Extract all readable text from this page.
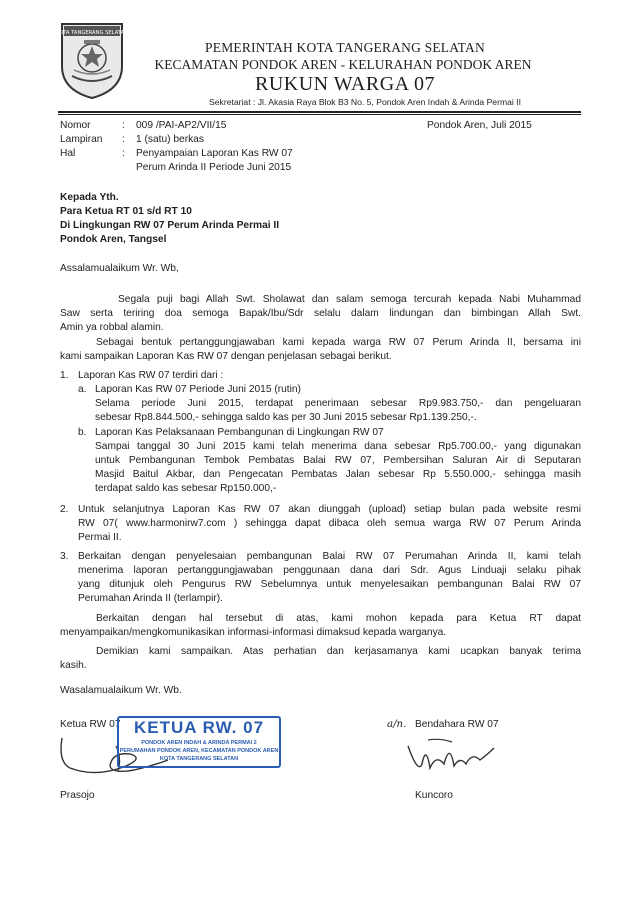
KOTA TANGERANG SELATAN
PEMERINTAH KOTA TANGERANG SELATAN
KECAMATAN PONDOK AREN - KELURAHAN PONDOK AREN
RUKUN WARGA 07
Sekretariat : Jl. Akasia Raya Blok B3 No. 5, Pondok Aren Indah & Arinda Permai II
Nomor	: 009 /PAI-AP2/VII/15	Pondok Aren, Juli 2015
Lampiran : 1 (satu) berkas
Hal	: Penyampaian Laporan Kas RW 07
Perum Arinda II Periode Juni 2015
Kepada Yth.
Para Ketua RT 01 s/d RT 10
Di Lingkungan RW 07 Perum Arinda Permai II
Pondok Aren, Tangsel
Assalamualaikum Wr. Wb,
Segala puji bagi Allah Swt. Sholawat dan salam semoga tercurah kepada Nabi Muhammad
Saw serta teriring doa semoga Bapak/Ibu/Sdr selalu dalam lindungan dan bimbingan Allah Swt.
Amin ya robbal alamin.
Sebagai bentuk pertanggungjawaban kami kepada warga RW 07 Perum Arinda II, bersama ini
kami sampaikan Laporan Kas RW 07 dengan penjelasan sebagai berikut.
1. Laporan Kas RW 07 terdiri dari :
a. Laporan Kas RW 07 Periode Juni 2015 (rutin)
Selama periode Juni 2015, terdapat penerimaan sebesar Rp9.983.750,- dan pengeluaran
sebesar Rp8.844.500,- sehingga saldo kas per 30 Juni 2015 sebesar Rp1.139.250,-.
b. Laporan Kas Pelaksanaan Pembangunan di Lingkungan RW 07
Sampai tanggal 30 Juni 2015 kami telah menerima dana sebesar Rp5.700.00,- yang digunakan
untuk Pembangunan Tembok Pembatas Balai RW 07, Pembersihan Saluran Air di Seputaran
Masjid Baitul Akbar, dan Pengecatan Pembatas Jalan sebesar Rp 5.550.000,- sehingga masih
terdapat saldo kas sebesar Rp150.000,-
2. Untuk selanjutnya Laporan Kas RW 07 akan diunggah (upload) setiap bulan pada website resmi
RW 07( www.harmonirw7.com ) sehingga dapat dibaca oleh semua warga RW 07 Perum Arinda
Permai II.
3. Berkaitan dengan penyelesaian pembangunan Balai RW 07 Perumahan Arinda II, kami telah
menerima laporan pertanggungjawaban penggunaan dana dari Sdr. Agus Linduaji selaku pihak
yang ditunjuk oleh Pengurus RW Sebelumnya untuk menyelesaikan pembangunan Balai RW 07
Perumahan Arinda II (terlampir).
Berkaitan dengan hal tersebut di atas, kami mohon kepada para Ketua RT dapat
menyampaikan/mengkomunikasikan informasi-informasi dimaksud kepada warganya.
Demikian kami sampaikan. Atas perhatian dan kerjasamanya kami ucapkan banyak terima
kasih.
Wasalamualaikum Wr. Wb.
Ketua RW 07
Prasojo
KETUA RW. 07
PONDOK AREN INDAH & ARINDA PERMAI 2
PERUMAHAN PONDOK AREN, KECAMATAN PONDOK AREN
KOTA TANGERANG SELATAN
a/n. Bendahara RW 07
Kuncoro
